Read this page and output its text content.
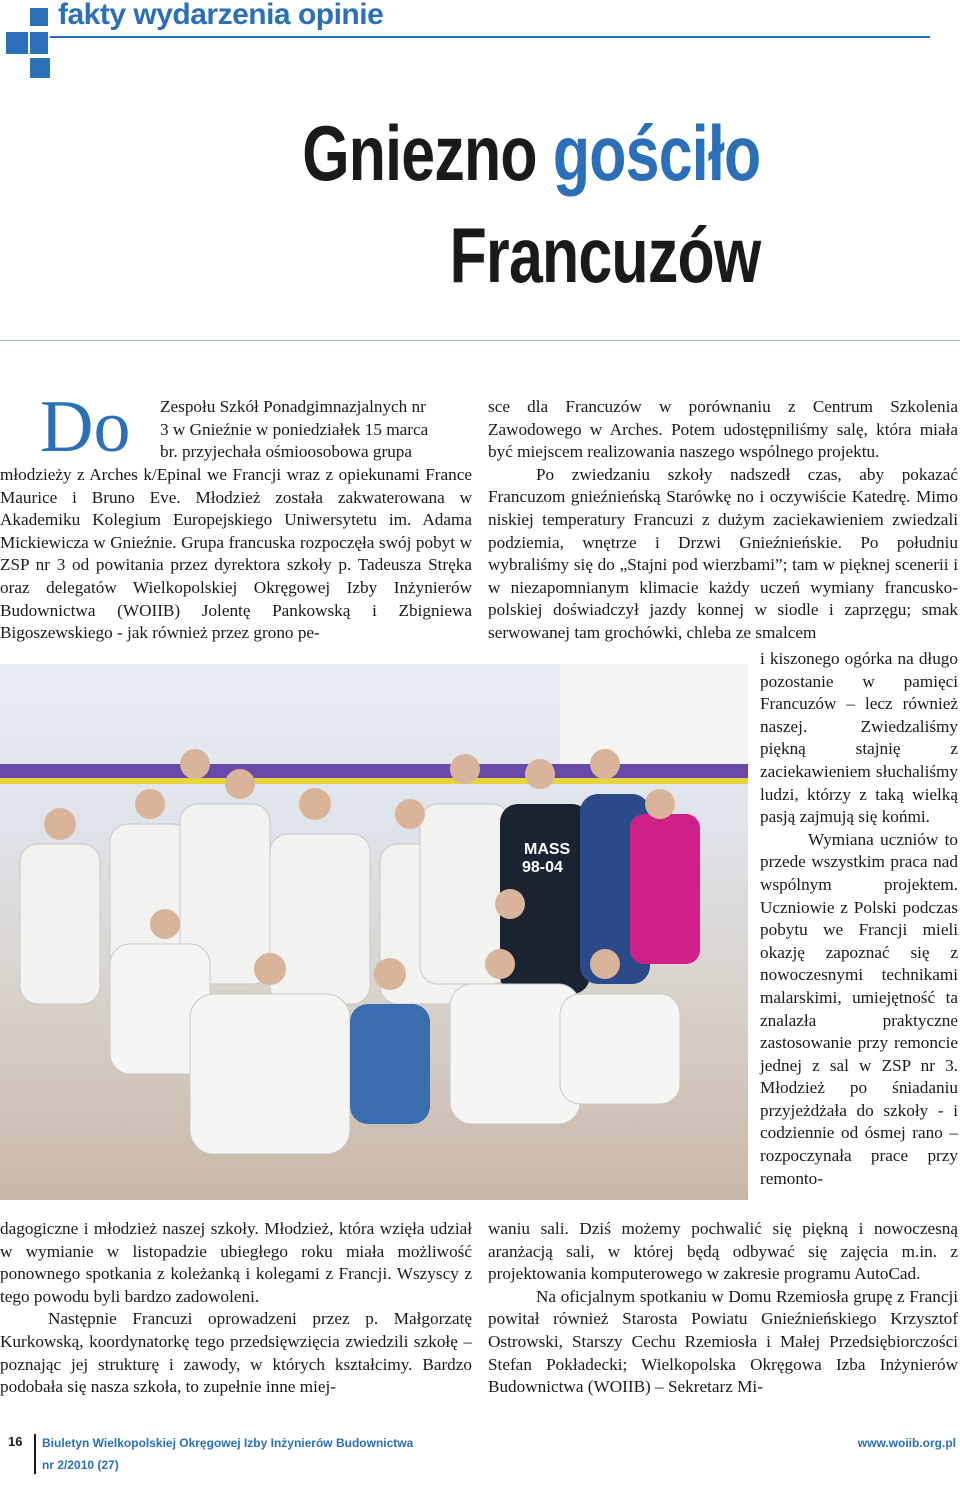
fakty wydarzenia opinie
Gniezno gościło
Francuzów
Do Zespołu Szkół Ponadgimnazjalnych nr

3 w Gnieźnie w poniedziałek 15 marca

br. przyjechała ośmioosobowa grupa

młodzieży z Arches k/Epinal we Francji wraz z opiekunami France Maurice i Bruno Eve. Młodzież została zakwaterowana w Akademiku Kolegium Europejskiego Uniwersytetu im. Adama Mickiewicza w Gnieźnie. Grupa francuska rozpoczęła swój pobyt w ZSP nr 3 od powitania przez dyrektora szkoły p. Tadeusza Stręka oraz delegatów Wielkopolskiej Okręgowej Izby Inżynierów Budownictwa (WOIIB) Jolentę Pankowską i Zbigniewa Bigoszewskiego - jak również przez grono pe-

MASS
98-04

dagogiczne i młodzież naszej szkoły. Młodzież, która wzięła udział w wymianie w listopadzie ubiegłego roku miała możliwość ponownego spotkania z koleżanką i kolegami z Francji. Wszyscy z tego powodu byli bardzo zadowoleni.

Następnie Francuzi oprowadzeni przez p. Małgorzatę Kurkowską, koordynatorkę tego przedsięwzięcia zwiedzili szkołę – poznając jej strukturę i zawody, w których kształcimy. Bardzo podobała się nasza szkoła, to zupełnie inne miej-

sce dla Francuzów w porównaniu z Centrum Szkolenia Zawodowego w Arches. Potem udostępniliśmy salę, która miała być miejscem realizowania naszego wspólnego projektu.

Po zwiedzaniu szkoły nadszedł czas, aby pokazać Francuzom gnieźnieńską Starówkę no i oczywiście Katedrę. Mimo niskiej temperatury Francuzi z dużym zaciekawieniem zwiedzali podziemia, wnętrze i Drzwi Gnieźnieńskie. Po południu wybraliśmy się do „Stajni pod wierzbami”; tam w pięknej scenerii i w niezapomnianym klimacie każdy uczeń wymiany francusko-polskiej doświadczył jazdy konnej w siodle i zaprzęgu; smak serwowanej tam grochówki, chleba ze smalcem

i kiszonego ogórka na długo pozostanie w pamięci Francuzów – lecz również naszej. Zwiedzaliśmy piękną stajnię z zaciekawieniem słuchaliśmy ludzi, którzy z taką wielką pasją zajmują się końmi.

Wymiana uczniów to przede wszystkim praca nad wspólnym projektem. Uczniowie z Polski podczas pobytu we Francji mieli okazję zapoznać się z nowoczesnymi technikami malarskimi, umiejętność ta znalazła praktyczne zastosowanie przy remoncie jednej z sal w ZSP nr 3. Młodzież po śniadaniu przyjeżdżała do szkoły - i codziennie od ósmej rano – rozpoczynała prace przy remonto-

waniu sali. Dziś możemy pochwalić się piękną i nowoczesną aranżacją sali, w której będą odbywać się zajęcia m.in. z projektowania komputerowego w zakresie programu AutoCad.

Na oficjalnym spotkaniu w Domu Rzemiosła grupę z Francji powitał również Starosta Powiatu Gnieźnieńskiego Krzysztof Ostrowski, Starszy Cechu Rzemiosła i Małej Przedsiębiorczości Stefan Pokładecki; Wielkopolska Okręgowa Izba Inżynierów Budownictwa (WOIIB) – Sekretarz Mi-

16 Biuletyn Wielkopolskiej Okręgowej Izby Inżynierów Budownictwa
nr 2/2010 (27)
www.woiib.org.pl
